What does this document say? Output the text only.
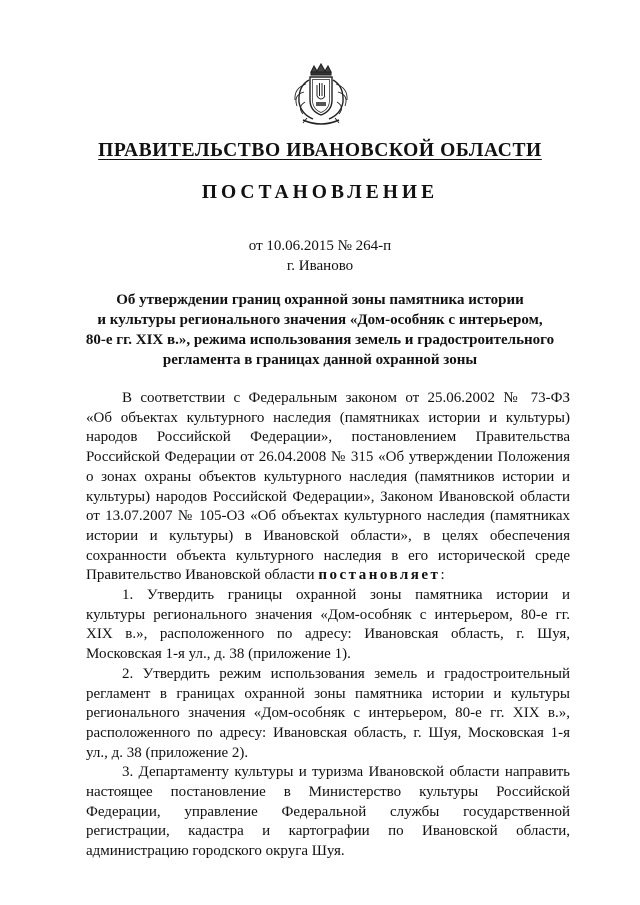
ПРАВИТЕЛЬСТВО ИВАНОВСКОЙ ОБЛАСТИ
ПОСТАНОВЛЕНИЕ
от 10.06.2015 № 264-п
г. Иваново
Об утверждении границ охранной зоны памятника истории
и культуры регионального значения «Дом-особняк с интерьером,
80-е гг. XIX в.», режима использования земель и градостроительного
регламента в границах данной охранной зоны
В соответствии с Федеральным законом от 25.06.2002 № 73-ФЗ
«Об объектах культурного наследия (памятниках истории и культуры)
народов Российской Федерации», постановлением Правительства
Российской Федерации от 26.04.2008 № 315 «Об утверждении Положения
о зонах охраны объектов культурного наследия (памятников истории и
культуры) народов Российской Федерации», Законом Ивановской области
от 13.07.2007 № 105-ОЗ «Об объектах культурного наследия (памятниках
истории и культуры) в Ивановской области», в целях обеспечения
сохранности объекта культурного наследия в его исторической среде
Правительство Ивановской области постановляет:
1. Утвердить границы охранной зоны памятника истории и
культуры регионального значения «Дом-особняк с интерьером, 80-е гг.
XIX в.», расположенного по адресу: Ивановская область, г. Шуя,
Московская 1-я ул., д. 38 (приложение 1).
2. Утвердить режим использования земель и градостроительный
регламент в границах охранной зоны памятника истории и культуры
регионального значения «Дом-особняк с интерьером, 80-е гг. XIX в.»,
расположенного по адресу: Ивановская область, г. Шуя, Московская 1-я
ул., д. 38 (приложение 2).
3. Департаменту культуры и туризма Ивановской области направить
настоящее постановление в Министерство культуры Российской
Федерации, управление Федеральной службы государственной
регистрации, кадастра и картографии по Ивановской области,
администрацию городского округа Шуя.
